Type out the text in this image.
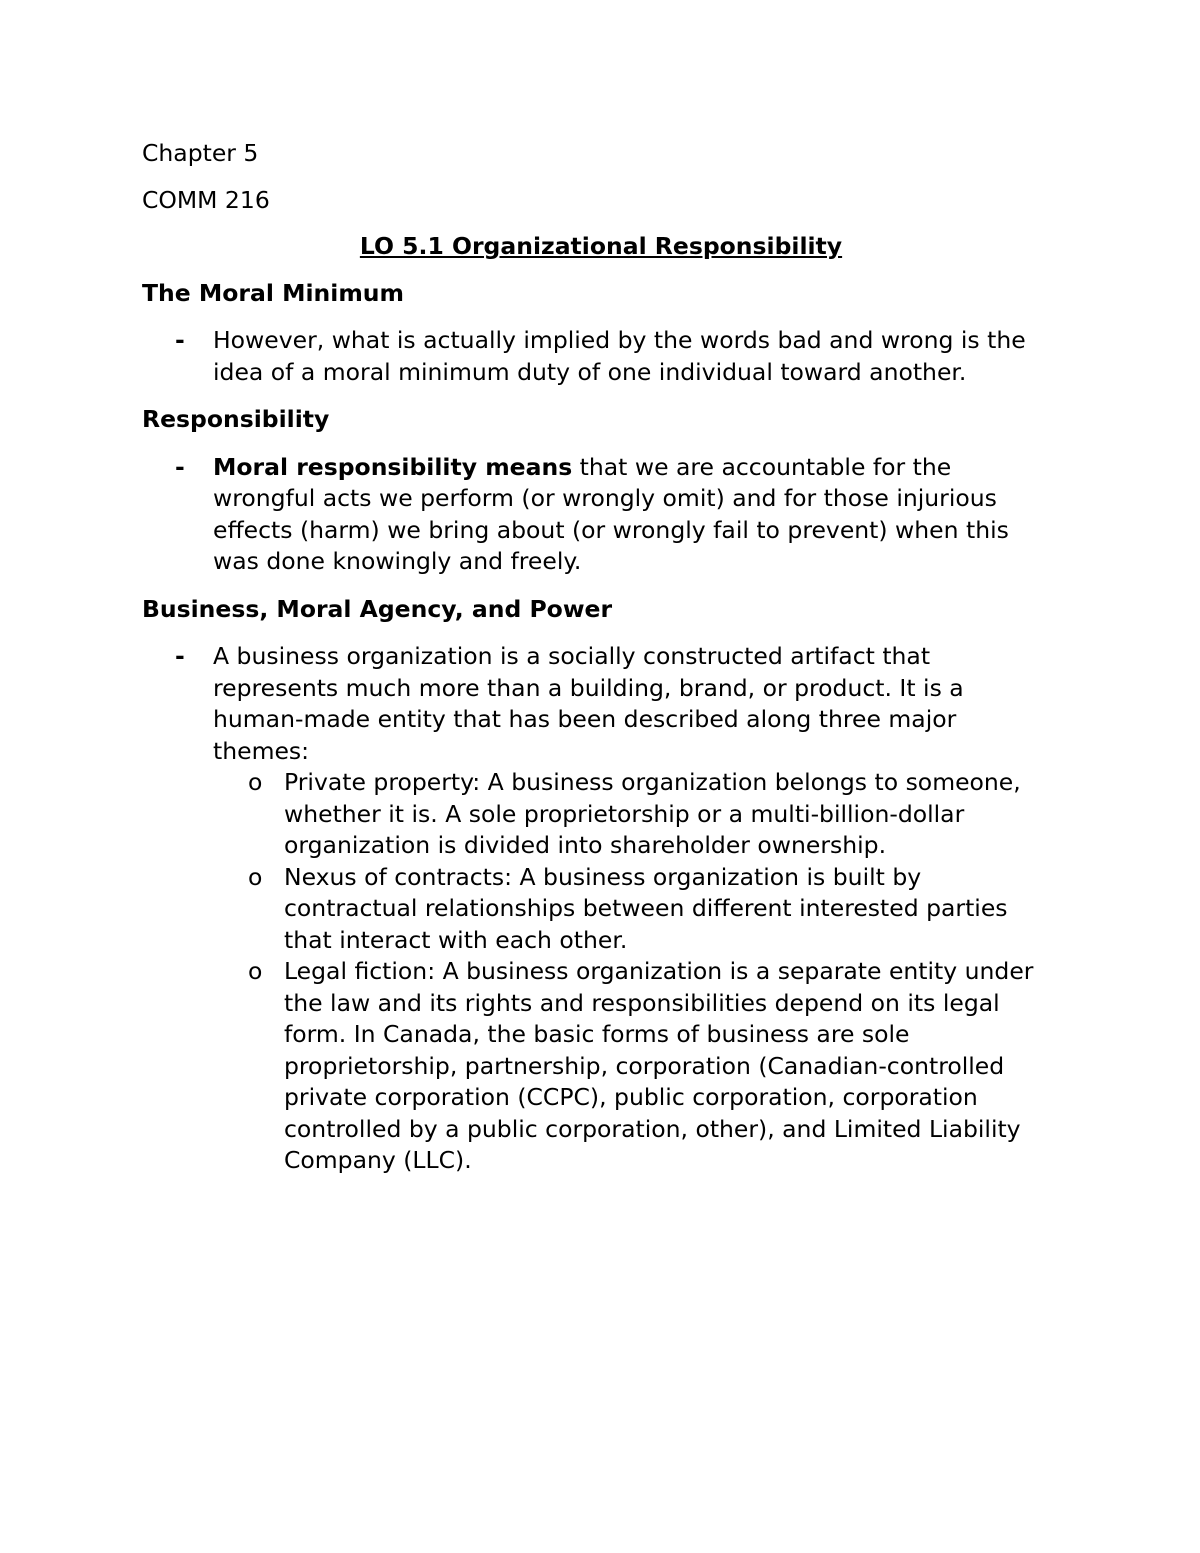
Chapter 5

COMM 216

LO 5.1 Organizational Responsibility

The Moral Minimum

- However, what is actually implied by the words bad and wrong is the idea of a moral minimum duty of one individual toward another.

Responsibility

- Moral responsibility means that we are accountable for the wrongful acts we perform (or wrongly omit) and for those injurious effects (harm) we bring about (or wrongly fail to prevent) when this was done knowingly and freely.

Business, Moral Agency, and Power

- A business organization is a socially constructed artifact that represents much more than a building, brand, or product. It is a human-made entity that has been described along three major themes:
o Private property: A business organization belongs to someone, whether it is. A sole proprietorship or a multi-billion-dollar organization is divided into shareholder ownership.
o Nexus of contracts: A business organization is built by contractual relationships between different interested parties that interact with each other.
o Legal fiction: A business organization is a separate entity under the law and its rights and responsibilities depend on its legal form. In Canada, the basic forms of business are sole proprietorship, partnership, corporation (Canadian-controlled private corporation (CCPC), public corporation, corporation controlled by a public corporation, other), and Limited Liability Company (LLC).
